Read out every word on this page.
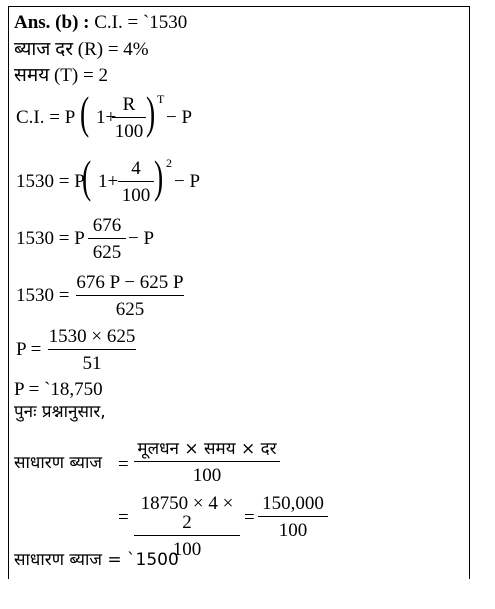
Ans. (b) : C.I. = `1530
ब्याज दर (R) = 4%
समय (T) = 2
C.I. = P ( 1+
R
100 ) T
− P
1530 = P
( 1+
4
100 ) 2
− P
1530 = P
676
625
− P
1530 =
676 P − 625 P
625
P =
1530 × 625
51
P = `18,750
पुनः प्रश्नानुसार,
साधारण ब्याज =
मूलधन × समय × दर
100
=
18750 × 4 × 2
100
=
150,000
100
साधारण ब्याज = `1500
